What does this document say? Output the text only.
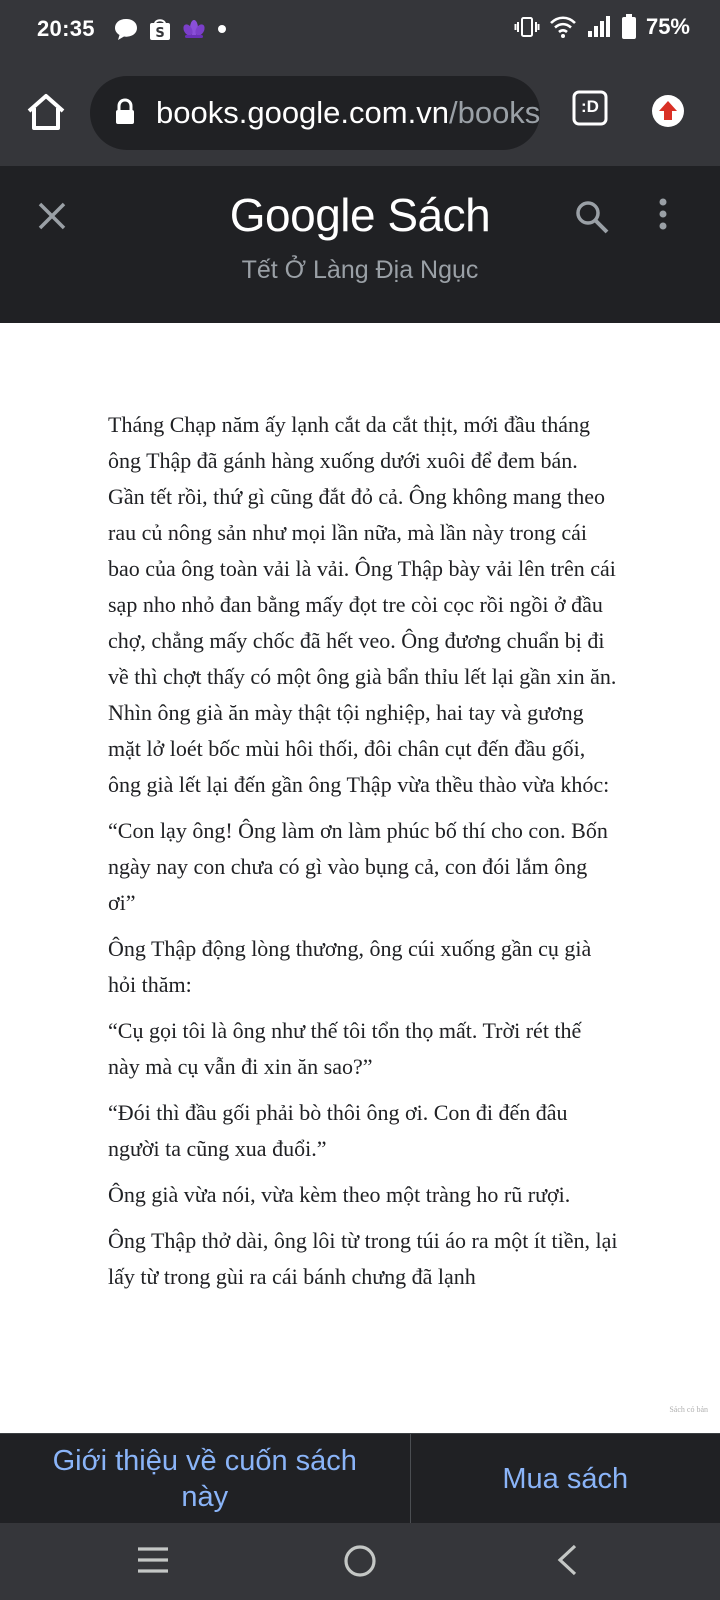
20:35	S	75%
books.google.com.vn/books	:D
Google Sách
Tết Ở Làng Địa Ngục

Tháng Chạp năm ấy lạnh cắt da cắt thịt, mới đầu tháng ông Thập đã gánh hàng xuống dưới xuôi để đem bán. Gần tết rồi, thứ gì cũng đắt đỏ cả. Ông không mang theo rau củ nông sản như mọi lần nữa, mà lần này trong cái bao của ông toàn vải là vải. Ông Thập bày vải lên trên cái sạp nho nhỏ đan bằng mấy đọt tre còi cọc rồi ngồi ở đầu chợ, chẳng mấy chốc đã hết veo. Ông đương chuẩn bị đi về thì chợt thấy có một ông già bẩn thỉu lết lại gần xin ăn. Nhìn ông già ăn mày thật tội nghiệp, hai tay và gương mặt lở loét bốc mùi hôi thối, đôi chân cụt đến đầu gối, ông già lết lại đến gần ông Thập vừa thều thào vừa khóc:

“Con lạy ông! Ông làm ơn làm phúc bố thí cho con. Bốn ngày nay con chưa có gì vào bụng cả, con đói lắm ông ơi”

Ông Thập động lòng thương, ông cúi xuống gần cụ già hỏi thăm:

“Cụ gọi tôi là ông như thế tôi tổn thọ mất. Trời rét thế này mà cụ vẫn đi xin ăn sao?”

“Đói thì đầu gối phải bò thôi ông ơi. Con đi đến đâu người ta cũng xua đuổi.”

Ông già vừa nói, vừa kèm theo một tràng ho rũ rượi.

Ông Thập thở dài, ông lôi từ trong túi áo ra một ít tiền, lại lấy từ trong gùi ra cái bánh chưng đã lạnh

Sách có bản
Giới thiệu về cuốn sách này
Mua sách
